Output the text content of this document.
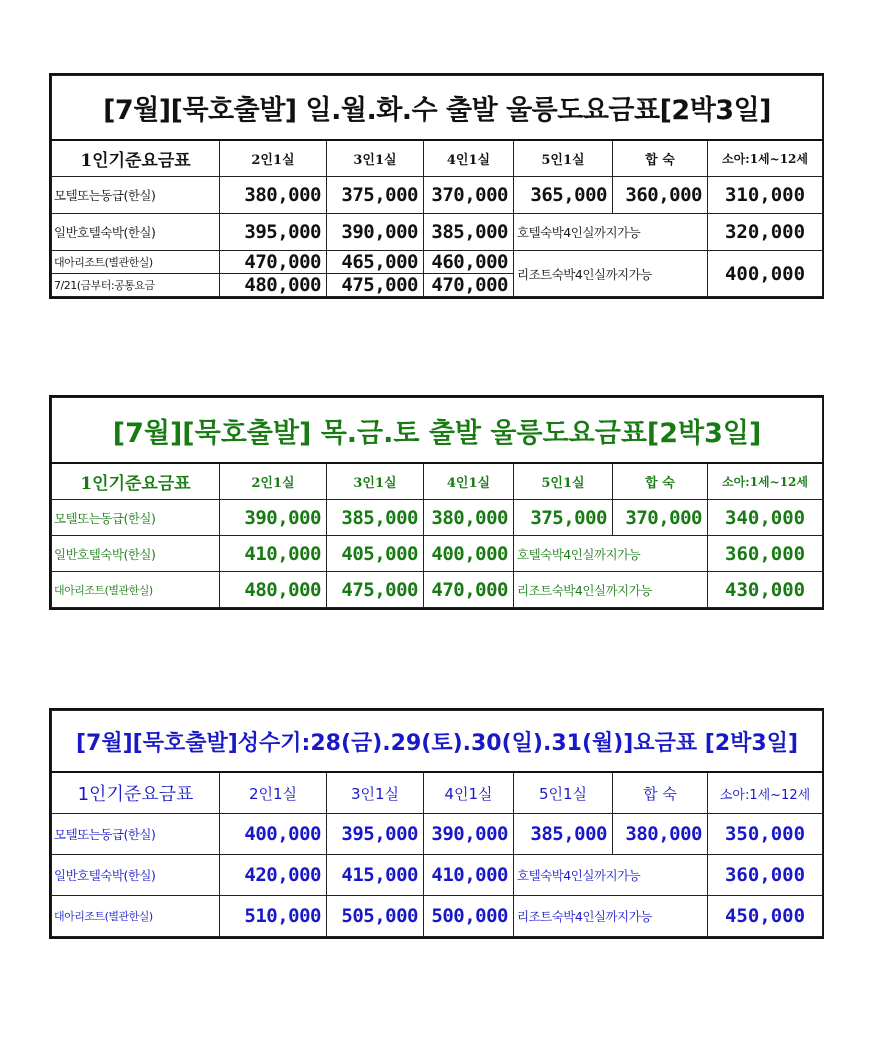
[7월][묵호출발] 일.월.화.수 출발 울릉도요금표[2박3일]						
1인기준요금표	2인1실	3인1실	4인1실	5인1실	합 숙	소아:1세~12세
모텔또는동급(한실)	380,000	375,000	370,000	365,000	360,000	310,000
일반호텔숙박(한실)	395,000	390,000	385,000	호텔숙박4인실까지가능		320,000
대아리조트(별관한실)	470,000	465,000	460,000	리조트숙박4인실까지가능		400,000
7/21(금부터:공통요금	480,000	475,000	470,000			
[7월][묵호출발] 목.금.토 출발 울릉도요금표[2박3일]						
1인기준요금표	2인1실	3인1실	4인1실	5인1실	합 숙	소아:1세~12세
모텔또는동급(한실)	390,000	385,000	380,000	375,000	370,000	340,000
일반호텔숙박(한실)	410,000	405,000	400,000	호텔숙박4인실까지가능		360,000
대아리조트(별관한실)	480,000	475,000	470,000	리조트숙박4인실까지가능		430,000
[7월][묵호출발]성수기:28(금).29(토).30(일).31(월)]요금표 [2박3일]						
1인기준요금표	2인1실	3인1실	4인1실	5인1실	합 숙	소아:1세~12세
모텔또는동급(한실)	400,000	395,000	390,000	385,000	380,000	350,000
일반호텔숙박(한실)	420,000	415,000	410,000	호텔숙박4인실까지가능		360,000
대아리조트(별관한실)	510,000	505,000	500,000	리조트숙박4인실까지가능		450,000
